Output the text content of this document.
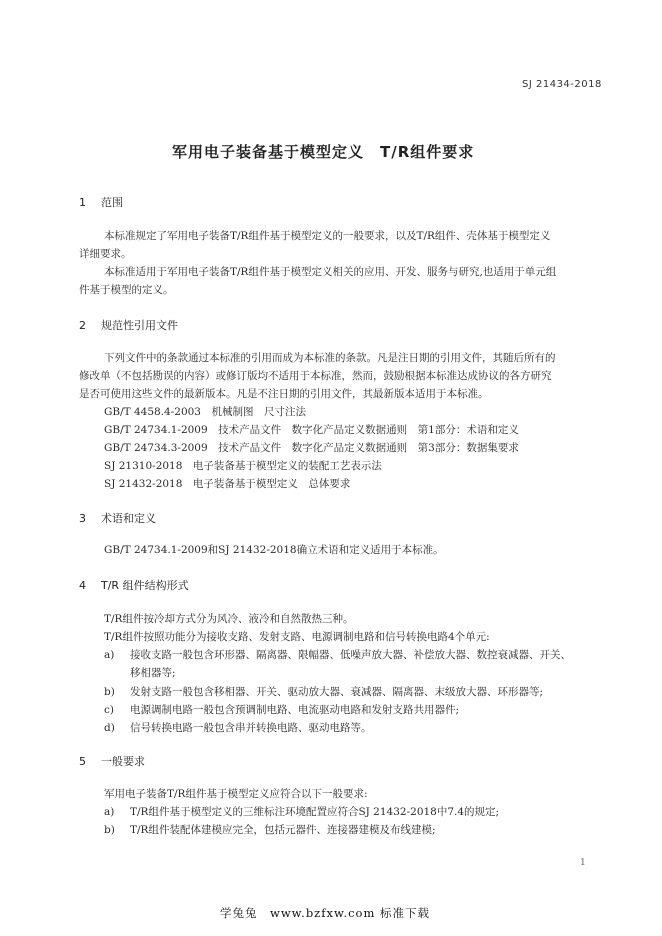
SJ 21434-2018
军用电子装备基于模型定义　T/R组件要求
1 范围
本标准规定了军用电子装备T/R组件基于模型定义的一般要求，以及T/R组件、壳体基于模型定义
详细要求。
本标准适用于军用电子装备T/R组件基于模型定义相关的应用、开发、服务与研究,也适用于单元组
件基于模型的定义。
2 规范性引用文件
下列文件中的条款通过本标准的引用而成为本标准的条款。凡是注日期的引用文件，其随后所有的
修改单（不包括勘误的内容）或修订版均不适用于本标准，然而，鼓励根据本标准达成协议的各方研究
是否可使用这些文件的最新版本。凡是不注日期的引用文件，其最新版本适用于本标准。
GB/T 4458.4-2003　机械制图　尺寸注法
GB/T 24734.1-2009　技术产品文件　数字化产品定义数据通则　第1部分：术语和定义
GB/T 24734.3-2009　技术产品文件　数字化产品定义数据通则　第3部分：数据集要求
SJ 21310-2018　电子装备基于模型定义的装配工艺表示法
SJ 21432-2018　电子装备基于模型定义　总体要求
3 术语和定义
GB/T 24734.1-2009和SJ 21432-2018确立术语和定义适用于本标准。
4 T/R 组件结构形式
T/R组件按冷却方式分为风冷、液冷和自然散热三种。
T/R组件按照功能分为接收支路、发射支路、电源调制电路和信号转换电路4个单元:
a) 接收支路一般包含环形器、隔离器、限幅器、低噪声放大器、补偿放大器、数控衰减器、开关、
移相器等;
b) 发射支路一般包含移相器、开关、驱动放大器、衰减器、隔离器、末级放大器、环形器等;
c) 电源调制电路一般包含预调制电路、电流驱动电路和发射支路共用器件;
d) 信号转换电路一般包含串并转换电路、驱动电路等。
5 一般要求
军用电子装备T/R组件基于模型定义应符合以下一般要求:
a) T/R组件基于模型定义的三维标注环境配置应符合SJ 21432-2018中7.4的规定;
b) T/R组件装配体建模应完全，包括元器件、连接器建模及布线建模;
1
学兔兔　www.bzfxw.com 标准下载
